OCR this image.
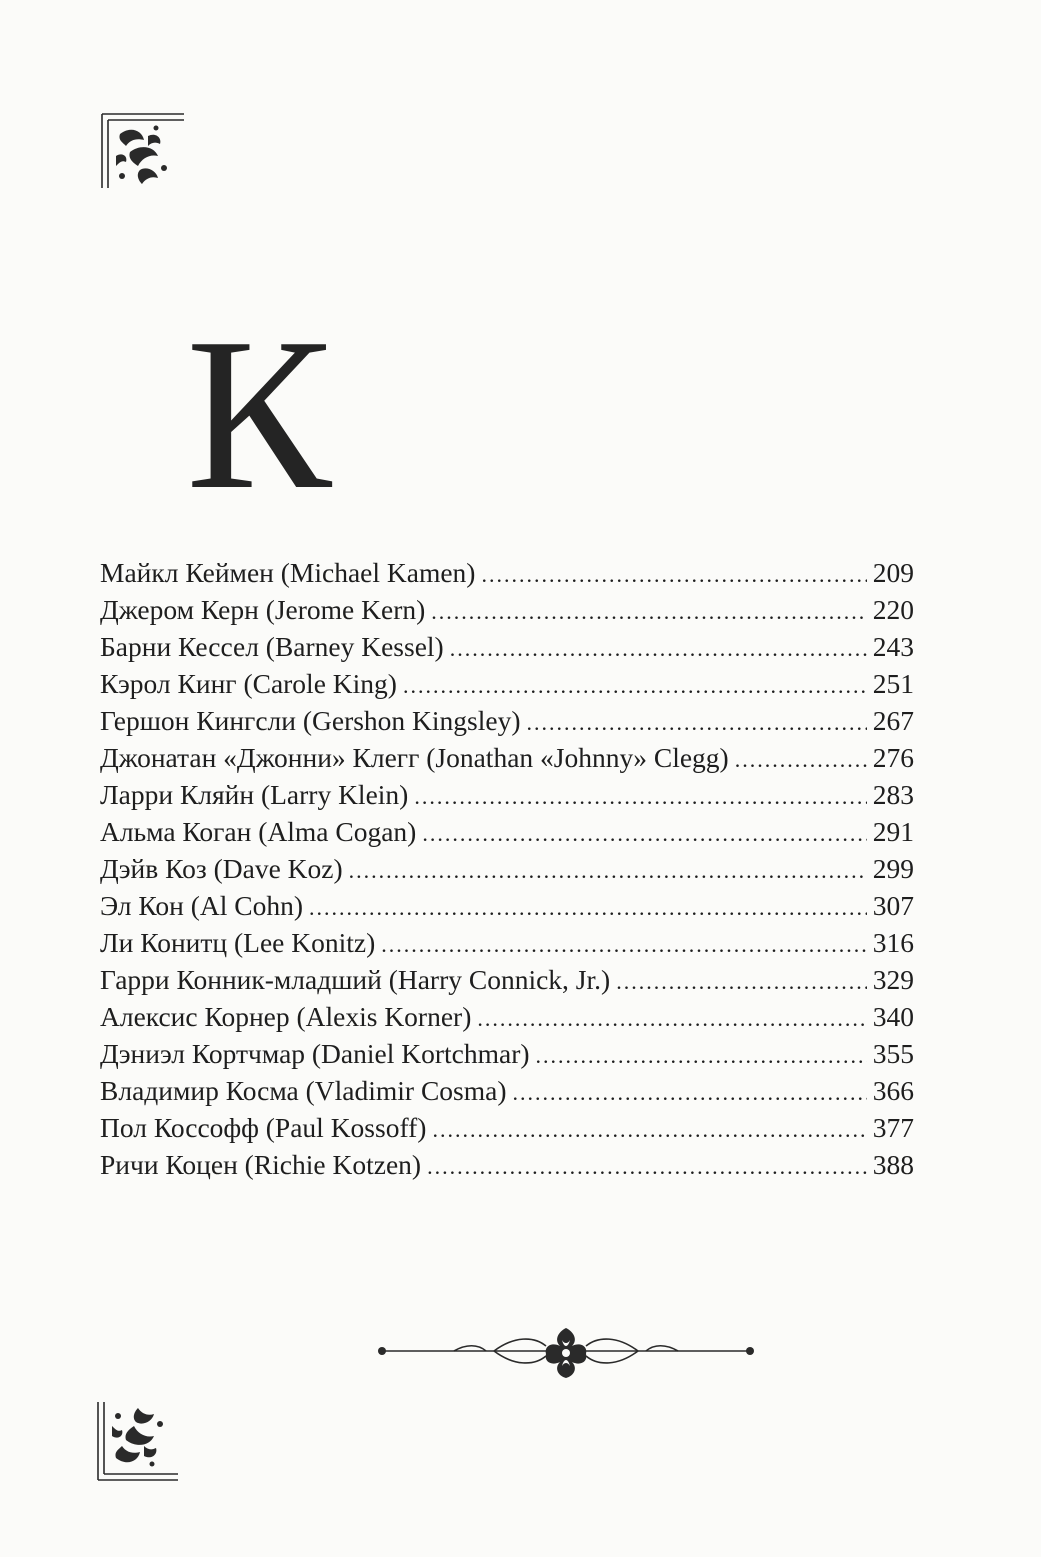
К
Майкл Кеймен (Michael Kamen) .....	209
Джером Керн (Jerome Kern) .....	220
Барни Кессел (Barney Kessel) .....	243
Кэрол Кинг (Carole King) .....	251
Гершон Кингсли (Gershon Kingsley) .....	267
Джонатан «Джонни» Клегг (Jonathan «Johnny» Clegg) .....	276
Ларри Кляйн (Larry Klein) .....	283
Альма Коган (Alma Cogan) .....	291
Дэйв Коз (Dave Koz) .....	299
Эл Кон (Al Cohn) .....	307
Ли Конитц (Lee Konitz) .....	316
Гарри Конник-младший (Harry Connick, Jr.) .....	329
Алексис Корнер (Alexis Korner) .....	340
Дэниэл Кортчмар (Daniel Kortchmar) .....	355
Владимир Косма (Vladimir Cosma) .....	366
Пол Коссофф (Paul Kossoff) .....	377
Ричи Коцен (Richie Kotzen) .....	388
